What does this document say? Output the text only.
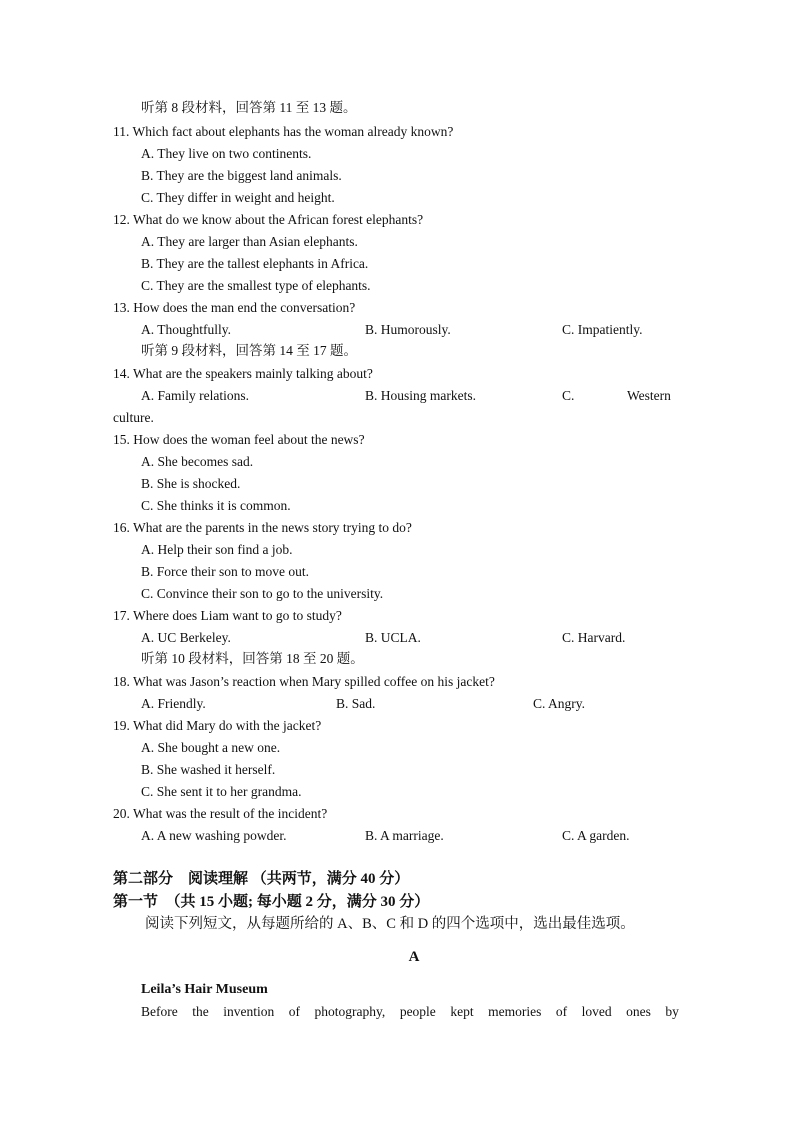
听第 8 段材料，回答第 11 至 13 题。
11. Which fact about elephants has the woman already known?
A. They live on two continents.
B. They are the biggest land animals.
C. They differ in weight and height.
12. What do we know about the African forest elephants?
A. They are larger than Asian elephants.
B. They are the tallest elephants in Africa.
C. They are the smallest type of elephants.
13. How does the man end the conversation?
A. Thoughtfully.	B. Humorously.	C. Impatiently.
听第 9 段材料，回答第 14 至 17 题。
14. What are the speakers mainly talking about?
A. Family relations.	B. Housing markets.	C.	Western
culture.
15. How does the woman feel about the news?
A. She becomes sad.
B. She is shocked.
C. She thinks it is common.
16. What are the parents in the news story trying to do?
A. Help their son find a job.
B. Force their son to move out.
C. Convince their son to go to the university.
17. Where does Liam want to go to study?
A. UC Berkeley.	B. UCLA.	C. Harvard.
听第 10 段材料，回答第 18 至 20 题。
18. What was Jason’s reaction when Mary spilled coffee on his jacket?
A. Friendly.	B. Sad.	C. Angry.
19. What did Mary do with the jacket?
A. She bought a new one.
B. She washed it herself.
C. She sent it to her grandma.
20. What was the result of the incident?
A. A new washing powder.	B. A marriage.	C. A garden.
第二部分　阅读理解 （共两节，满分 40 分）
第一节　（共 15 小题; 每小题 2 分，满分 30 分）
阅读下列短文，从每题所给的 A、B、C 和 D 的四个选项中，选出最佳选项。
A
Leila’s Hair Museum
Before the invention of photography, people kept memories of loved ones by
